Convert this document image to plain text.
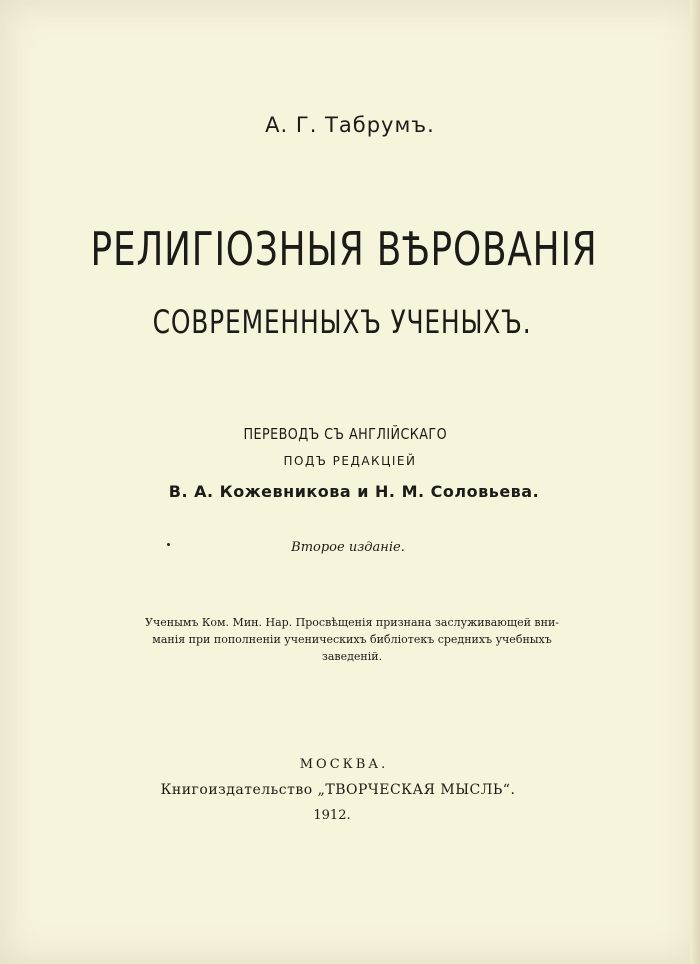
А. Г. Табрумъ.
РЕЛИГІОЗНЫЯ ВѢРОВАНІЯ
СОВРЕМЕННЫХЪ УЧЕНЫХЪ.
ПЕРЕВОДЪ СЪ АНГЛІЙСКАГО
ПОДЪ РЕДАКЦІЕЙ
В. А. Кожевникова и Н. М. Соловьева.
Второе изданіе.
Ученымъ Ком. Мин. Нар. Просвѣщенія признана заслуживающей вни-
манія при пополненіи ученическихъ библіотекъ среднихъ учебныхъ
заведеній.
МОСКВА.
Книгоиздательство „ТВОРЧЕСКАЯ МЫСЛЬ“.
1912.
